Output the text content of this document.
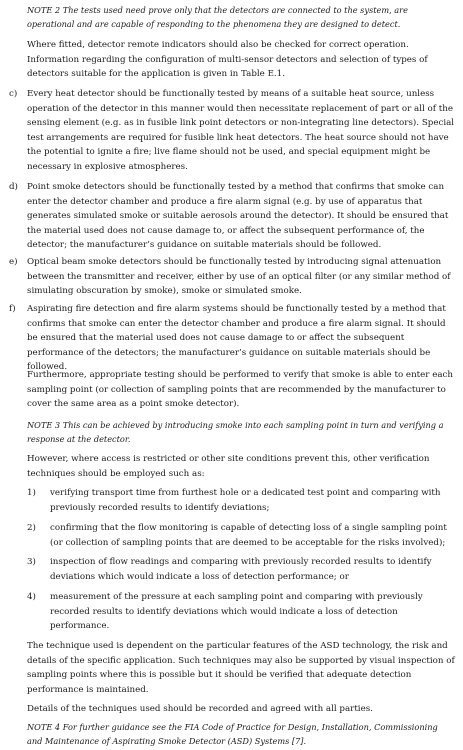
NOTE 2 The tests used need prove only that the detectors are connected to the system, are operational and are capable of responding to the phenomena they are designed to detect.
Where fitted, detector remote indicators should also be checked for correct operation. Information regarding the configuration of multi-sensor detectors and selection of types of detectors suitable for the application is given in Table E.1.
c) Every heat detector should be functionally tested by means of a suitable heat source, unless operation of the detector in this manner would then necessitate replacement of part or all of the sensing element (e.g. as in fusible link point detectors or non-integrating line detectors). Special test arrangements are required for fusible link heat detectors. The heat source should not have the potential to ignite a fire; live flame should not be used, and special equipment might be necessary in explosive atmospheres.
d) Point smoke detectors should be functionally tested by a method that confirms that smoke can enter the detector chamber and produce a fire alarm signal (e.g. by use of apparatus that generates simulated smoke or suitable aerosols around the detector). It should be ensured that the material used does not cause damage to, or affect the subsequent performance of, the detector; the manufacturer’s guidance on suitable materials should be followed.
e) Optical beam smoke detectors should be functionally tested by introducing signal attenuation between the transmitter and receiver, either by use of an optical filter (or any similar method of simulating obscuration by smoke), smoke or simulated smoke.
f) Aspirating fire detection and fire alarm systems should be functionally tested by a method that confirms that smoke can enter the detector chamber and produce a fire alarm signal. It should be ensured that the material used does not cause damage to or affect the subsequent performance of the detectors; the manufacturer’s guidance on suitable materials should be followed.
Furthermore, appropriate testing should be performed to verify that smoke is able to enter each sampling point (or collection of sampling points that are recommended by the manufacturer to cover the same area as a point smoke detector).
NOTE 3 This can be achieved by introducing smoke into each sampling point in turn and verifying a response at the detector.
However, where access is restricted or other site conditions prevent this, other verification techniques should be employed such as:
1) verifying transport time from furthest hole or a dedicated test point and comparing with previously recorded results to identify deviations;
2) confirming that the flow monitoring is capable of detecting loss of a single sampling point (or collection of sampling points that are deemed to be acceptable for the risks involved);
3) inspection of flow readings and comparing with previously recorded results to identify deviations which would indicate a loss of detection performance; or
4) measurement of the pressure at each sampling point and comparing with previously recorded results to identify deviations which would indicate a loss of detection performance.
The technique used is dependent on the particular features of the ASD technology, the risk and details of the specific application. Such techniques may also be supported by visual inspection of sampling points where this is possible but it should be verified that adequate detection performance is maintained.
Details of the techniques used should be recorded and agreed with all parties.
NOTE 4 For further guidance see the FIA Code of Practice for Design, Installation, Commissioning and Maintenance of Aspirating Smoke Detector (ASD) Systems [7].
